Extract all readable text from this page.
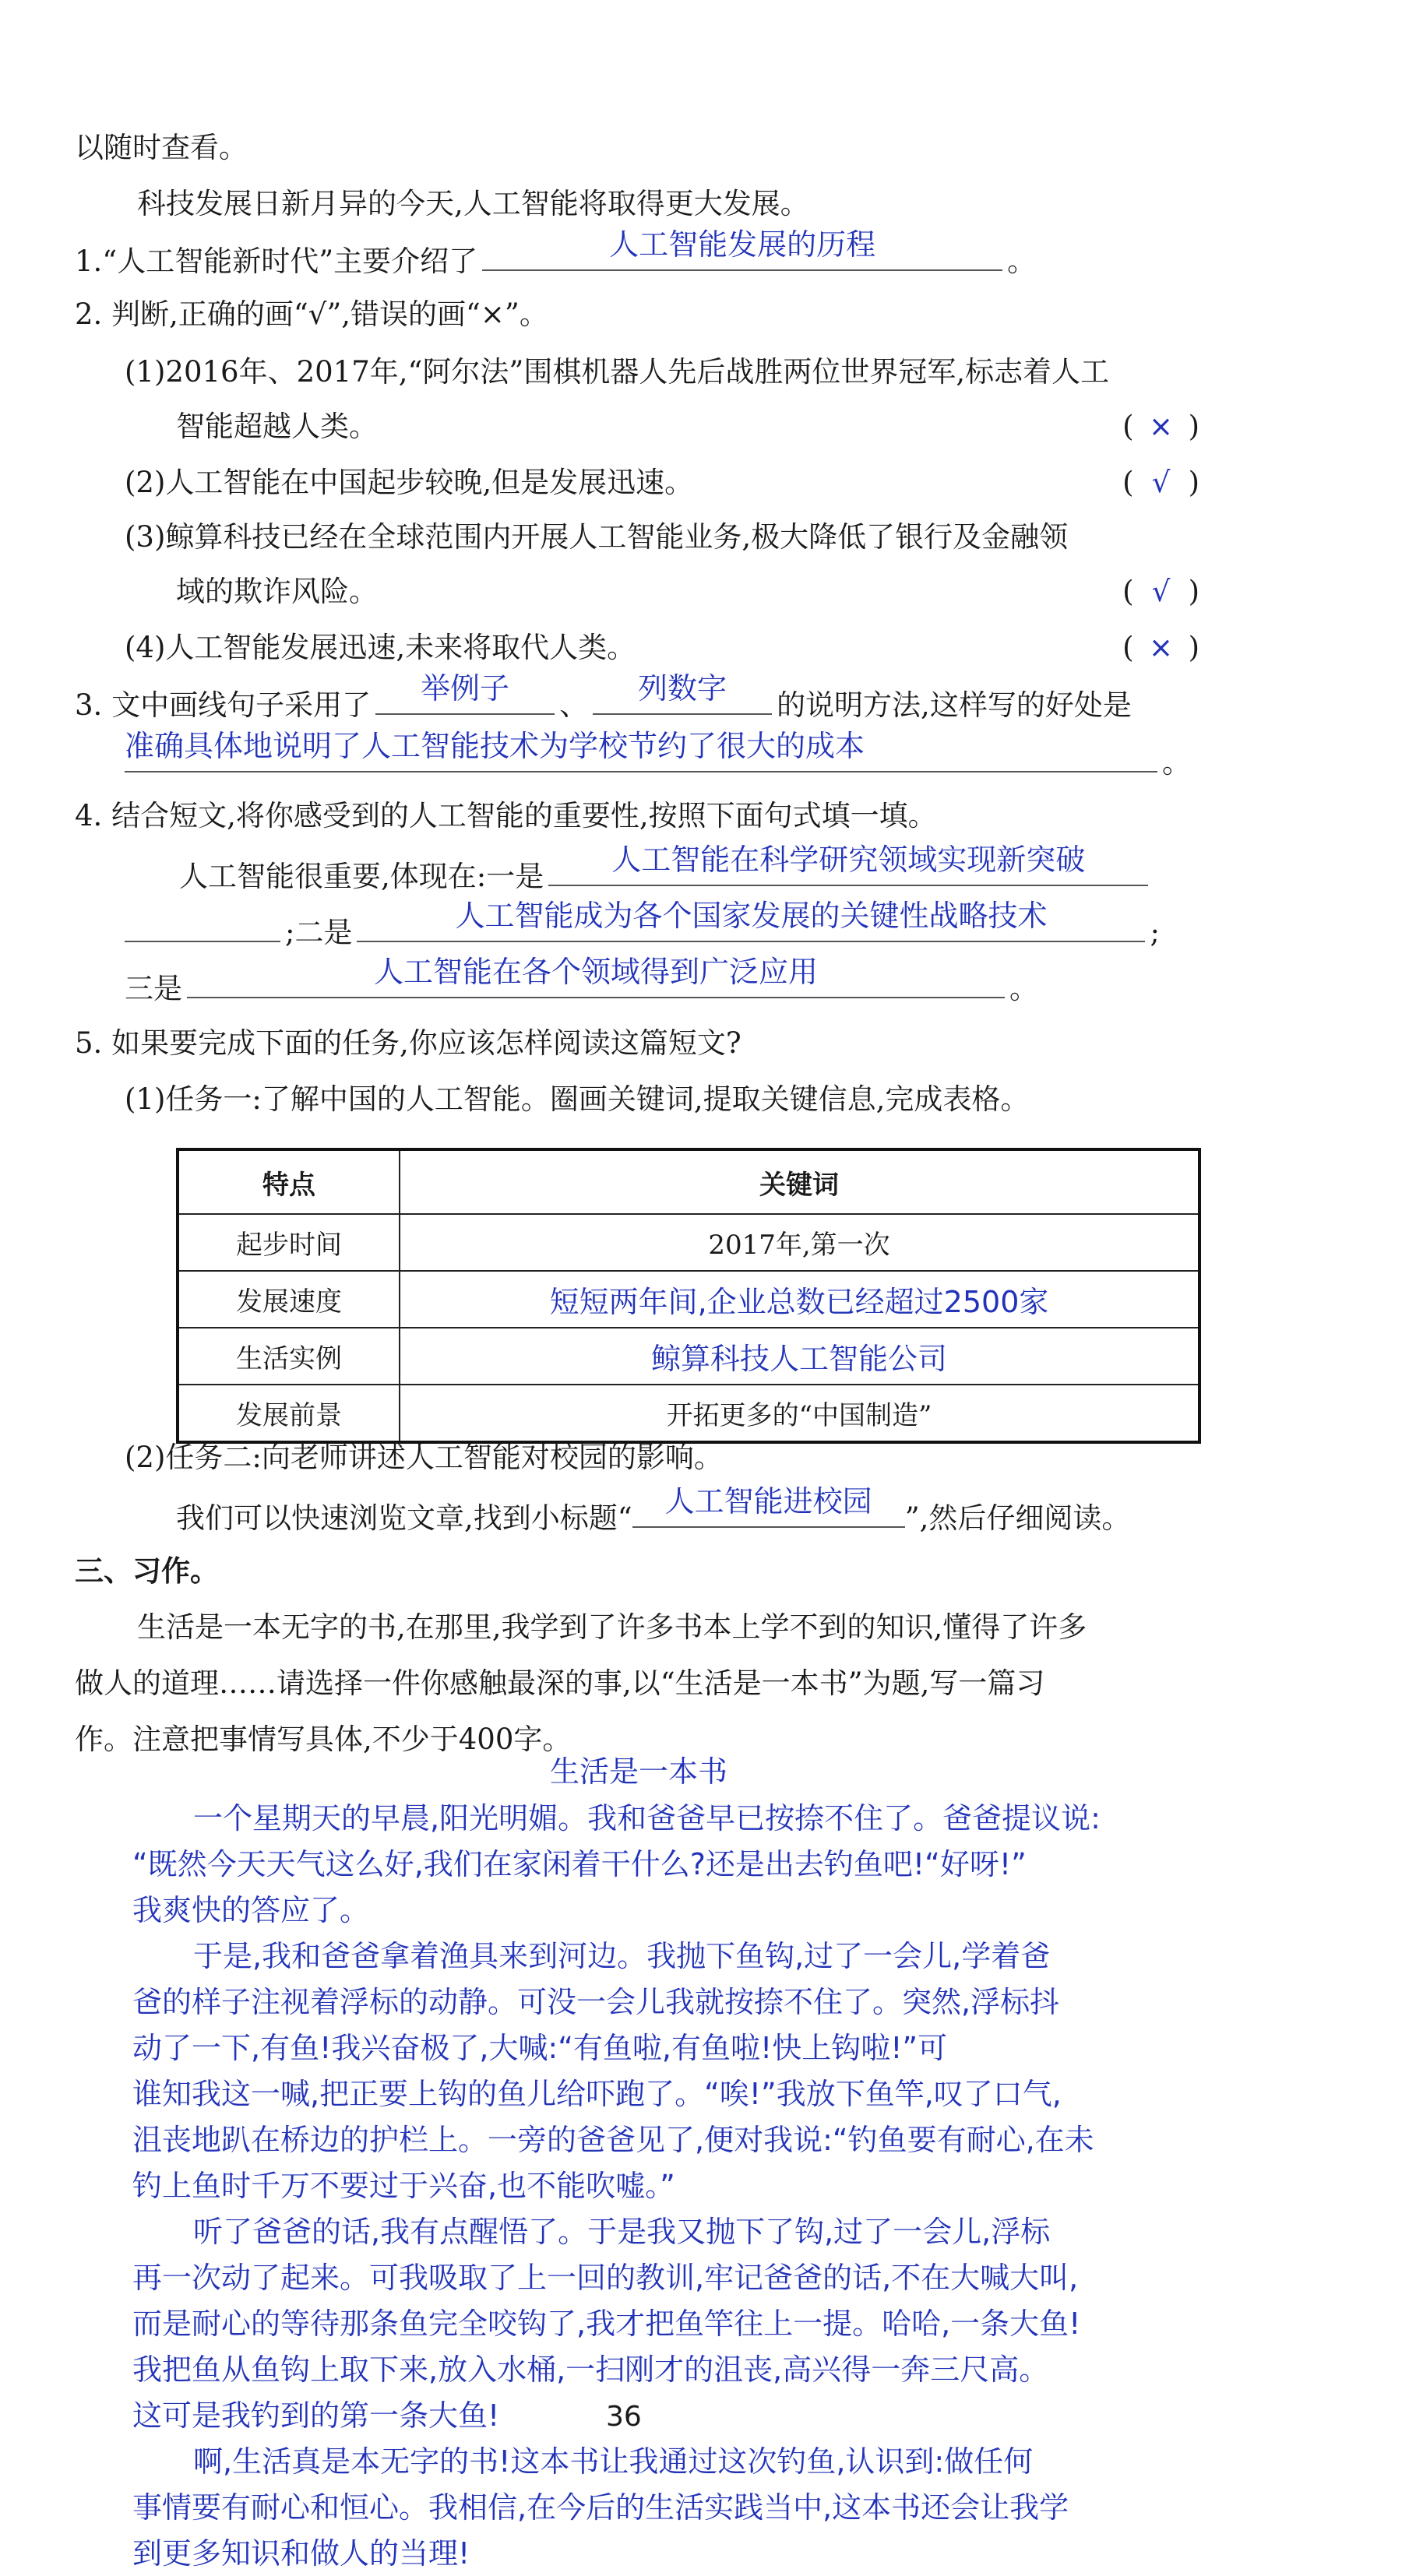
以随时查看。
科技发展日新月异的今天,人工智能将取得更大发展。
1.“人工智能新时代”主要介绍了	人工智能发展的历程	。
2. 判断,正确的画“√”,错误的画“×”。
(1)2016年、2017年,“阿尔法”围棋机器人先后战胜两位世界冠军,标志着人工
智能超越人类。	( × )
(2)人工智能在中国起步较晚,但是发展迅速。	( √ )
(3)鲸算科技已经在全球范围内开展人工智能业务,极大降低了银行及金融领
域的欺诈风险。	( √ )
(4)人工智能发展迅速,未来将取代人类。	( × )
3. 文中画线句子采用了	举例子	、	列数字	的说明方法,这样写的好处是
准确具体地说明了人工智能技术为学校节约了很大的成本	。
4. 结合短文,将你感受到的人工智能的重要性,按照下面句式填一填。
人工智能很重要,体现在:一是	人工智能在科学研究领域实现新突破
;二是	人工智能成为各个国家发展的关键性战略技术	;
三是	人工智能在各个领域得到广泛应用	。
5. 如果要完成下面的任务,你应该怎样阅读这篇短文?
(1)任务一:了解中国的人工智能。圈画关键词,提取关键信息,完成表格。
特点	关键词
起步时间	2017年,第一次
发展速度	短短两年间,企业总数已经超过2500家
生活实例	鲸算科技人工智能公司
发展前景	开拓更多的“中国制造”
(2)任务二:向老师讲述人工智能对校园的影响。
我们可以快速浏览文章,找到小标题“	人工智能进校园	”,然后仔细阅读。
三、习作。
生活是一本无字的书,在那里,我学到了许多书本上学不到的知识,懂得了许多
做人的道理……请选择一件你感触最深的事,以“生活是一本书”为题,写一篇习
作。注意把事情写具体,不少于400字。
生活是一本书
一个星期天的早晨,阳光明媚。我和爸爸早已按捺不住了。爸爸提议说:
“既然今天天气这么好,我们在家闲着干什么?还是出去钓鱼吧!“好呀!”
我爽快的答应了。
于是,我和爸爸拿着渔具来到河边。我抛下鱼钩,过了一会儿,学着爸
爸的样子注视着浮标的动静。可没一会儿我就按捺不住了。突然,浮标抖
动了一下,有鱼!我兴奋极了,大喊:“有鱼啦,有鱼啦!快上钩啦!”可
谁知我这一喊,把正要上钩的鱼儿给吓跑了。“唉!”我放下鱼竿,叹了口气,
沮丧地趴在桥边的护栏上。一旁的爸爸见了,便对我说:“钓鱼要有耐心,在未
钓上鱼时千万不要过于兴奋,也不能吹嘘。”
听了爸爸的话,我有点醒悟了。于是我又抛下了钩,过了一会儿,浮标
再一次动了起来。可我吸取了上一回的教训,牢记爸爸的话,不在大喊大叫,
而是耐心的等待那条鱼完全咬钩了,我才把鱼竿往上一提。哈哈,一条大鱼!
我把鱼从鱼钩上取下来,放入水桶,一扫刚才的沮丧,高兴得一奔三尺高。
这可是我钓到的第一条大鱼!
啊,生活真是本无字的书!这本书让我通过这次钓鱼,认识到:做任何
事情要有耐心和恒心。我相信,在今后的生活实践当中,这本书还会让我学
到更多知识和做人的当理!
36
